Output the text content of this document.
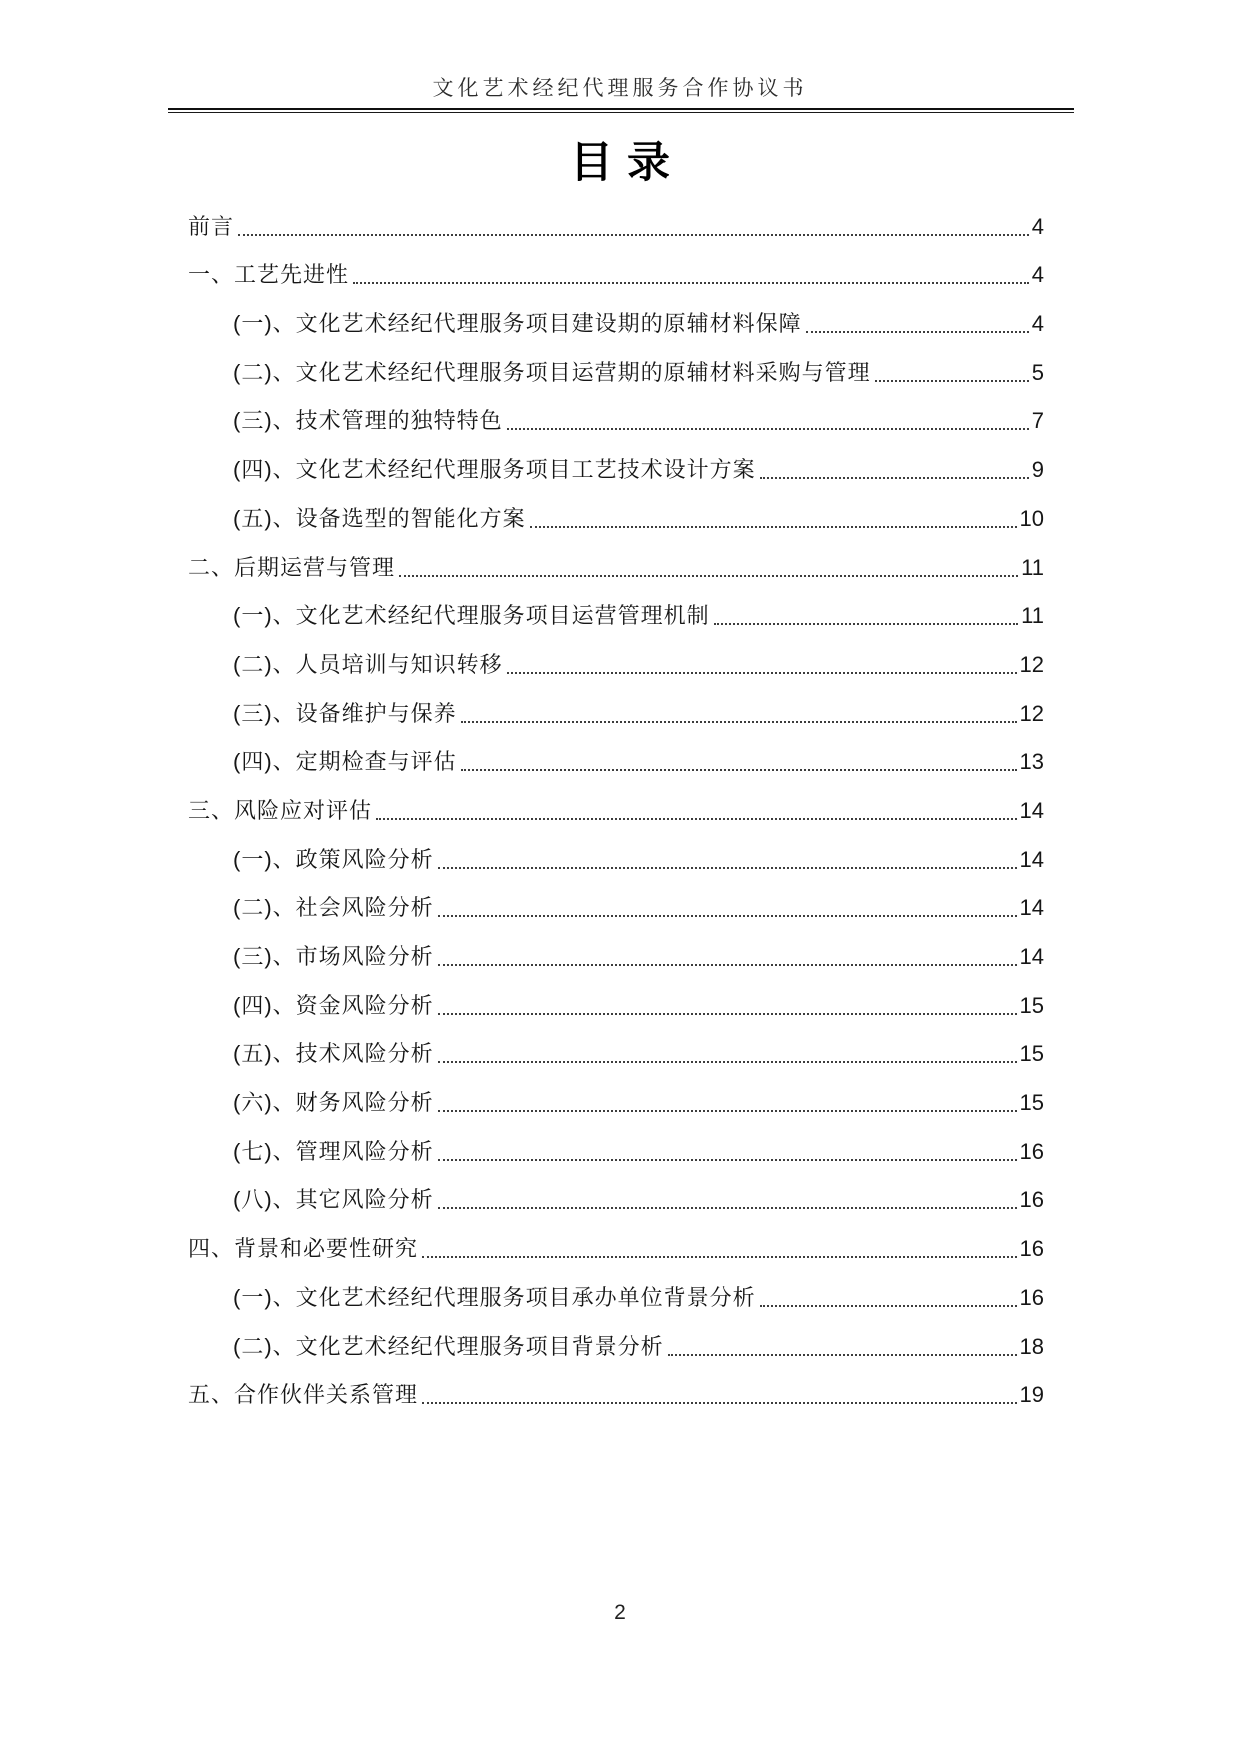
文化艺术经纪代理服务合作协议书
目录
前言	4
一、工艺先进性	4
(一)、文化艺术经纪代理服务项目建设期的原辅材料保障	4
(二)、文化艺术经纪代理服务项目运营期的原辅材料采购与管理	5
(三)、技术管理的独特特色	7
(四)、文化艺术经纪代理服务项目工艺技术设计方案	9
(五)、设备选型的智能化方案	10
二、后期运营与管理	11
(一)、文化艺术经纪代理服务项目运营管理机制	11
(二)、人员培训与知识转移	12
(三)、设备维护与保养	12
(四)、定期检查与评估	13
三、风险应对评估	14
(一)、政策风险分析	14
(二)、社会风险分析	14
(三)、市场风险分析	14
(四)、资金风险分析	15
(五)、技术风险分析	15
(六)、财务风险分析	15
(七)、管理风险分析	16
(八)、其它风险分析	16
四、背景和必要性研究	16
(一)、文化艺术经纪代理服务项目承办单位背景分析	16
(二)、文化艺术经纪代理服务项目背景分析	18
五、合作伙伴关系管理	19
2
